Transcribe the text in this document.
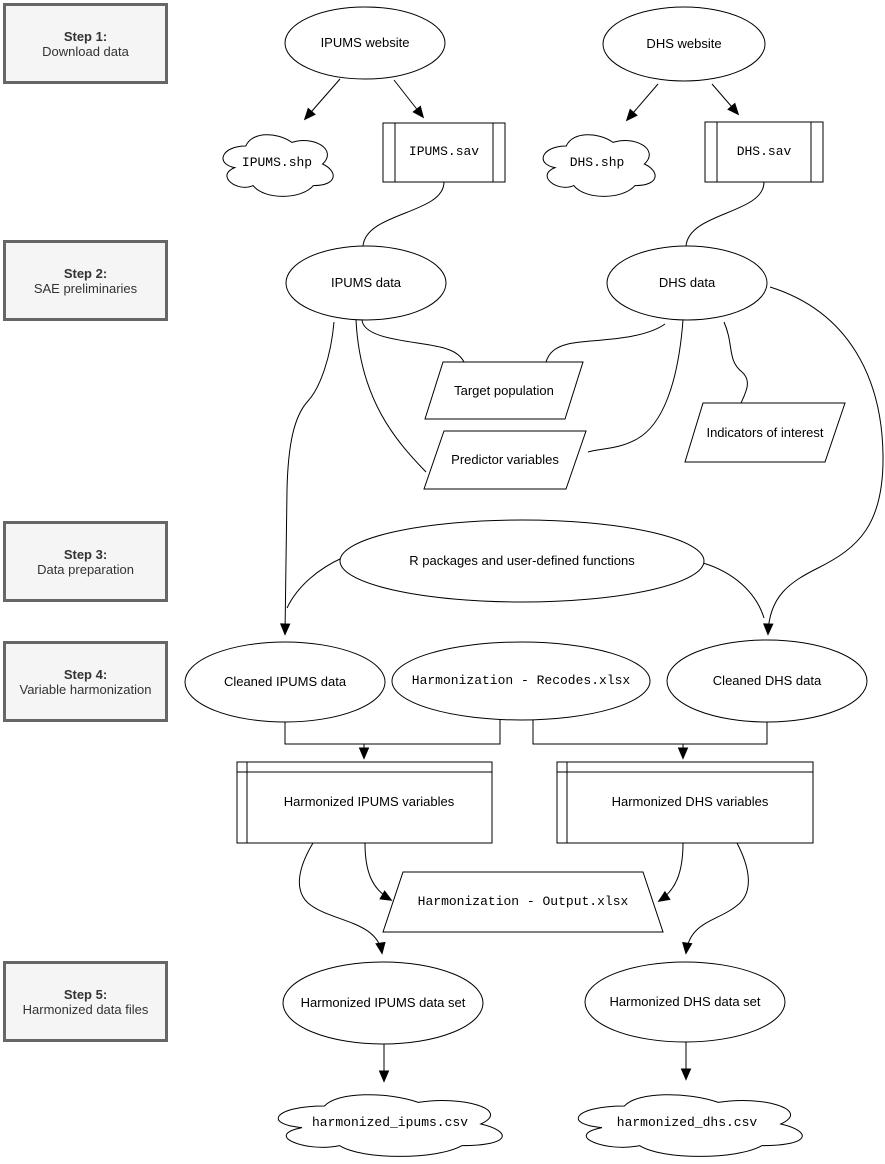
Step 1:
Download data
Step 2:
SAE preliminaries
Step 3:
Data preparation
Step 4:
Variable harmonization
Step 5:
Harmonized data files
IPUMS website	DHS website
IPUMS.shp
IPUMS.sav
DHS.shp
DHS.sav
IPUMS data	DHS data
Target population
Predictor variables
Indicators of interest
R packages and user-defined functions
Cleaned IPUMS data	Harmonization - Recodes.xlsx	Cleaned DHS data
Harmonized IPUMS variables	Harmonized DHS variables
Harmonization - Output.xlsx
Harmonized IPUMS data set	Harmonized DHS data set
harmonized_ipums.csv	harmonized_dhs.csv
